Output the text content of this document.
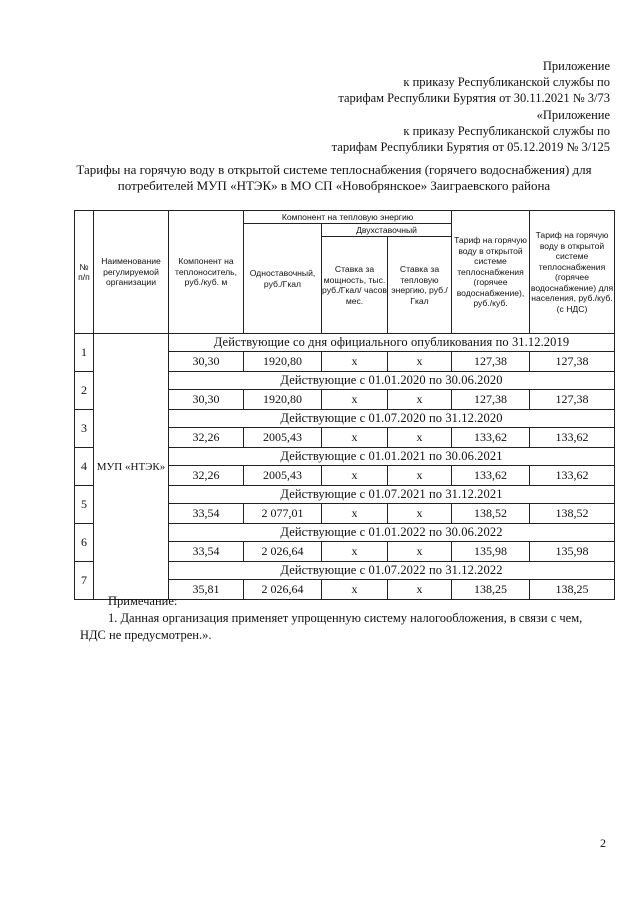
Приложение
к приказу Республиканской службы по
тарифам Республики Бурятия от 30.11.2021 № 3/73
«Приложение
к приказу Республиканской службы по
тарифам Республики Бурятия от 05.12.2019 № 3/125
Тарифы на горячую воду в открытой системе теплоснабжения (горячего водоснабжения) для
потребителей МУП «НТЭК» в МО СП «Новобрянское» Заиграевского района
№ п/п	Наименование регулируемой организации	Компонент на теплоноситель, руб./куб. м	Компонент на тепловую энергию			Тариф на горячую воду в открытой системе теплоснабжения (горячее водоснабжение), руб./куб.	Тариф на горячую воду в открытой системе теплоснабжения (горячее водоснабжение) для населения, руб./куб. (с НДС)
			Одноставочный, руб./Гкал	Двухставочный			
				Ставка за мощность, тыс. руб./Гкал/ часов мес.	Ставка за тепловую энергию, руб./Гкал		
1	МУП «НТЭК»	Действующие со дня официального опубликования по 31.12.2019					
		30,30	1920,80	х	х	127,38	127,38
2		Действующие с 01.01.2020 по 30.06.2020					
		30,30	1920,80	х	х	127,38	127,38
3		Действующие с 01.07.2020 по 31.12.2020					
		32,26	2005,43	х	х	133,62	133,62
4		Действующие с 01.01.2021 по 30.06.2021					
		32,26	2005,43	х	х	133,62	133,62
5		Действующие с 01.07.2021 по 31.12.2021					
		33,54	2 077,01	х	х	138,52	138,52
6		Действующие с 01.01.2022 по 30.06.2022					
		33,54	2 026,64	х	х	135,98	135,98
7		Действующие с 01.07.2022 по 31.12.2022					
		35,81	2 026,64	х	х	138,25	138,25
Примечание:
1. Данная организация применяет упрощенную систему налогообложения, в связи с чем,
НДС не предусмотрен.».
2
